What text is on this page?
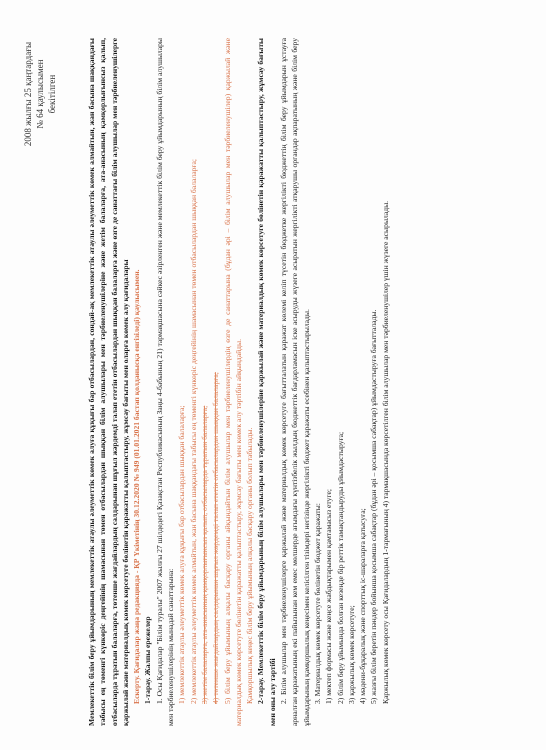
2008 жылғы 25 қаңтардағы № 64 қаулысымен бекітілген	Мемлекеттік білім беру ұйымдарының мемлекеттік атаулы әлеуметтік көмек алуға құқығы бар отбасылардан, сондай-ақ мемлекеттік атаулы әлеуметтік көмек алмайтын, жан басына шаққандағы табысы ең төменгі күнкөріс деңгейінің шамасынан төмен отбасылардан шыққан білім алушылары мен тәрбиеленушілеріне және жетім балаларға, ата-анасының қамқорлығынсыз қалып, отбасыларда тұратын балаларға, төтенше жағдайлардың салдарынан шұғыл жәрдемді талап ететін отбасылардан шыққан балаларға және өзге де санаттағы білім алушылар мен тәрбиеленушілерге қаржылай және материалдық көмек көрсетуге бөлінетін қаражатты қалыптастыру, жұмсау бағыты мен оларға көмек алу қағидалары Ескерту. Қағидалар жаңа редакцияда - ҚР Үкіметінің 30.12.2020 № 949 (01.01.2021 бастап қолданысқа енгізіледі) қаулысымен. 1-тарау. Жалпы ережелер 1. Осы Қағидалар "Білім туралы" 2007 жылғы 27 шілдедегі Қазақстан Республикасының Заңы 4-бабының 21) тармақшасына сәйкес әзірленген және мемлекеттік білім беру ұйымдарының білім алушылары мен тәрбиеленушілерінің мынадай санаттарына: 1) мемлекеттік атаулы әлеуметтік көмек алуға құқығы бар отбасылардан шыққан балаларға; 2) мемлекеттік атаулы әлеуметтік көмек алмайтын, жан басына шаққандағы табысы ең төменгі күнкөріс деңгейінің шамасынан төмен отбасылардан шыққан балаларға; 3) жетім балаларға, ата-анасының қамқорлығынсыз қалып, отбасыларда тұратын балаларға; 4) төтенше жағдайлардың салдарынан шұғыл жәрдемді талап ететін отбасылардан шыққан балаларға; 5) білім беру ұйымының алқалы басқару органы айқындайтын білім алушылар мен тәрбиеленушілердің өзге де санаттарына (бұдан әрі – білім алушылар мен тәрбиеленушілер) қаржылай және материалдық көмек көрсетуге бөлінетін қаражатты қалыптастыру, жұмсау бағыты мен көмек алу тәртібін айқындайды. Қамқоршылық кеңес білім беру ұйымының алқалы басқару органы болып табылады. 2-тарау. Мемлекеттік білім беру ұйымдарының білім алушылары мен тәрбиеленушілеріне қаржылай және материалдық көмек көрсетуге бөлінетін қаражатты қалыптастыру, жұмсау бағыты мен оны алу тәртібі 2. Білім алушылар мен тәрбиеленушілерге қаржылай және материалдық көмек көрсетуге бағытталатын қаражат көлемі келіп түсетін бюджетке жергілікті бюджеттің білім беру ұйымдарын ұстауға арналған қаражатының екі пайызынан кем емес мөлшерде ағымдағы күнтізбелік жылдың бюджеттік бағдарламасын іске асыруды жүзеге асыратын жергілікті атқарушы органдар ақпаратының және білім беру ұйымдарының қамқоршылық кеңесімен келісілген тізімдері негізінде жергілікті бюджет қаражаты есебінен қалыптастырылады. 3. Материалдық көмек көрсетуге бөлінетін бюджет қаражаты: 1) мектеп формасы және кеңсе жабдықтарымен қамтамасыз етуге; 2) білім беру ұйымында болған кезеңде бір реттік тамақтандыруды ұйымдастыруға; 3) қаржылық көмек көрсетуге; 4) мәдени-бұқаралық және спорттық іс-шараларға қатысуға; 5) жазғы білім беретін пәндер бойынша қосымша сабақтар (бұдан әрі – қосымша сабақтар) ұйымдастыруға бағытталады. Қаржылық көмек көрсету осы Қағидалардың 1-тармағының 4) тармақшасында көрсетілген білім алушылар мен тәрбиеленушілер үшін жүзеге асырылады.
